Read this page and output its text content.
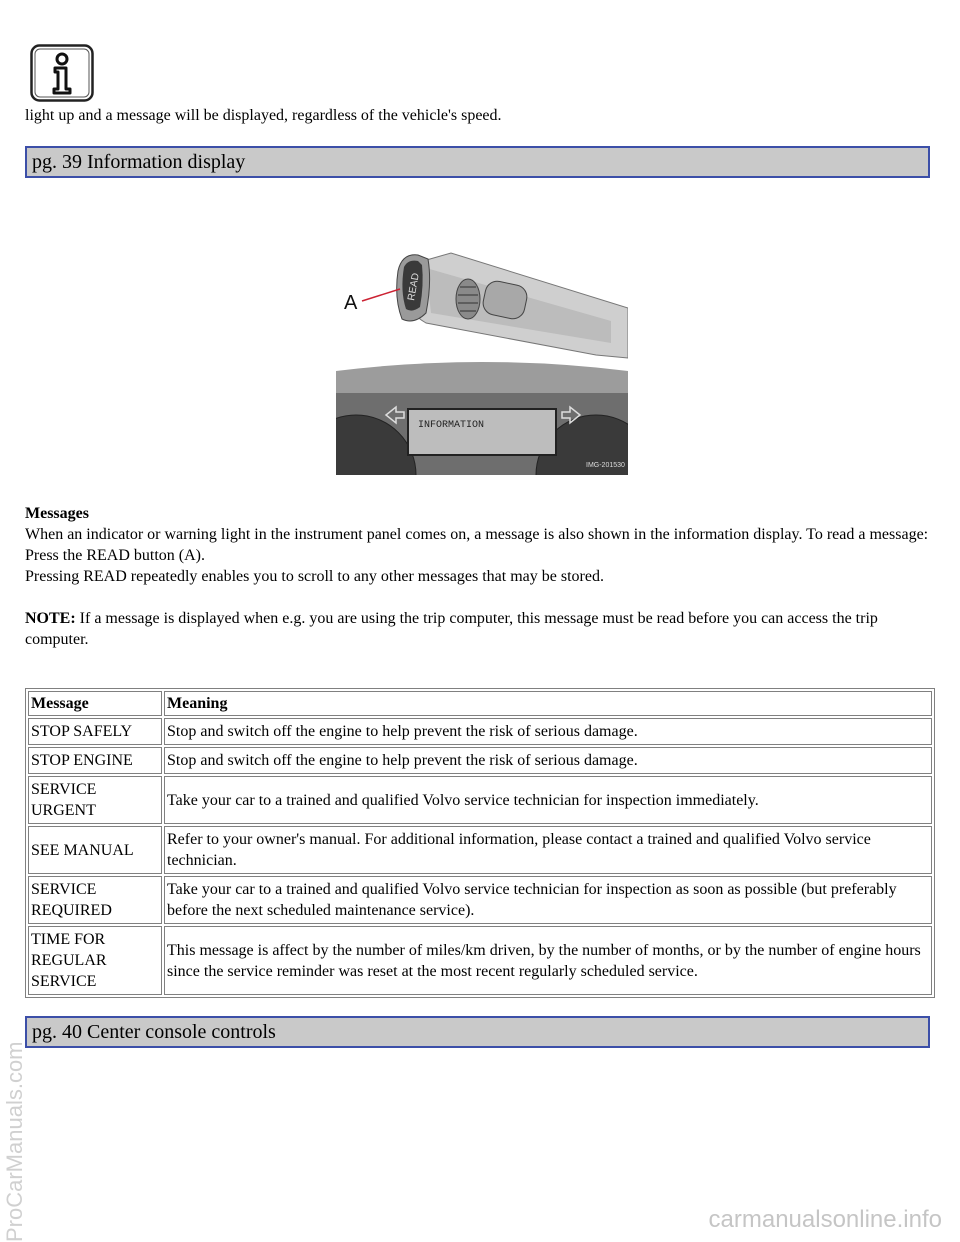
light up and a message will be displayed, regardless of the vehicle's speed.
pg. 39 Information display
READ
A
INFORMATION
IMG-201530

Messages

When an indicator or warning light in the instrument panel comes on, a message is also shown in the information display. To read a message:

Press the READ button (A).

Pressing READ repeatedly enables you to scroll to any other messages that may be stored.

NOTE: If a message is displayed when e.g. you are using the trip computer, this message must be read before you can access the trip computer.

Message	Meaning
STOP SAFELY	Stop and switch off the engine to help prevent the risk of serious damage.
STOP ENGINE	Stop and switch off the engine to help prevent the risk of serious damage.
SERVICE URGENT	Take your car to a trained and qualified Volvo service technician for inspection immediately.
SEE MANUAL	Refer to your owner's manual. For additional information, please contact a trained and qualified Volvo service technician.
SERVICE REQUIRED	Take your car to a trained and qualified Volvo service technician for inspection as soon as possible (but preferably before the next scheduled maintenance service).
TIME FOR REGULAR SERVICE	This message is affect by the number of miles/km driven, by the number of months, or by the number of engine hours since the service reminder was reset at the most recent regularly scheduled service.
pg. 40 Center console controls
ProCarManuals.com	carmanualsonline.info
